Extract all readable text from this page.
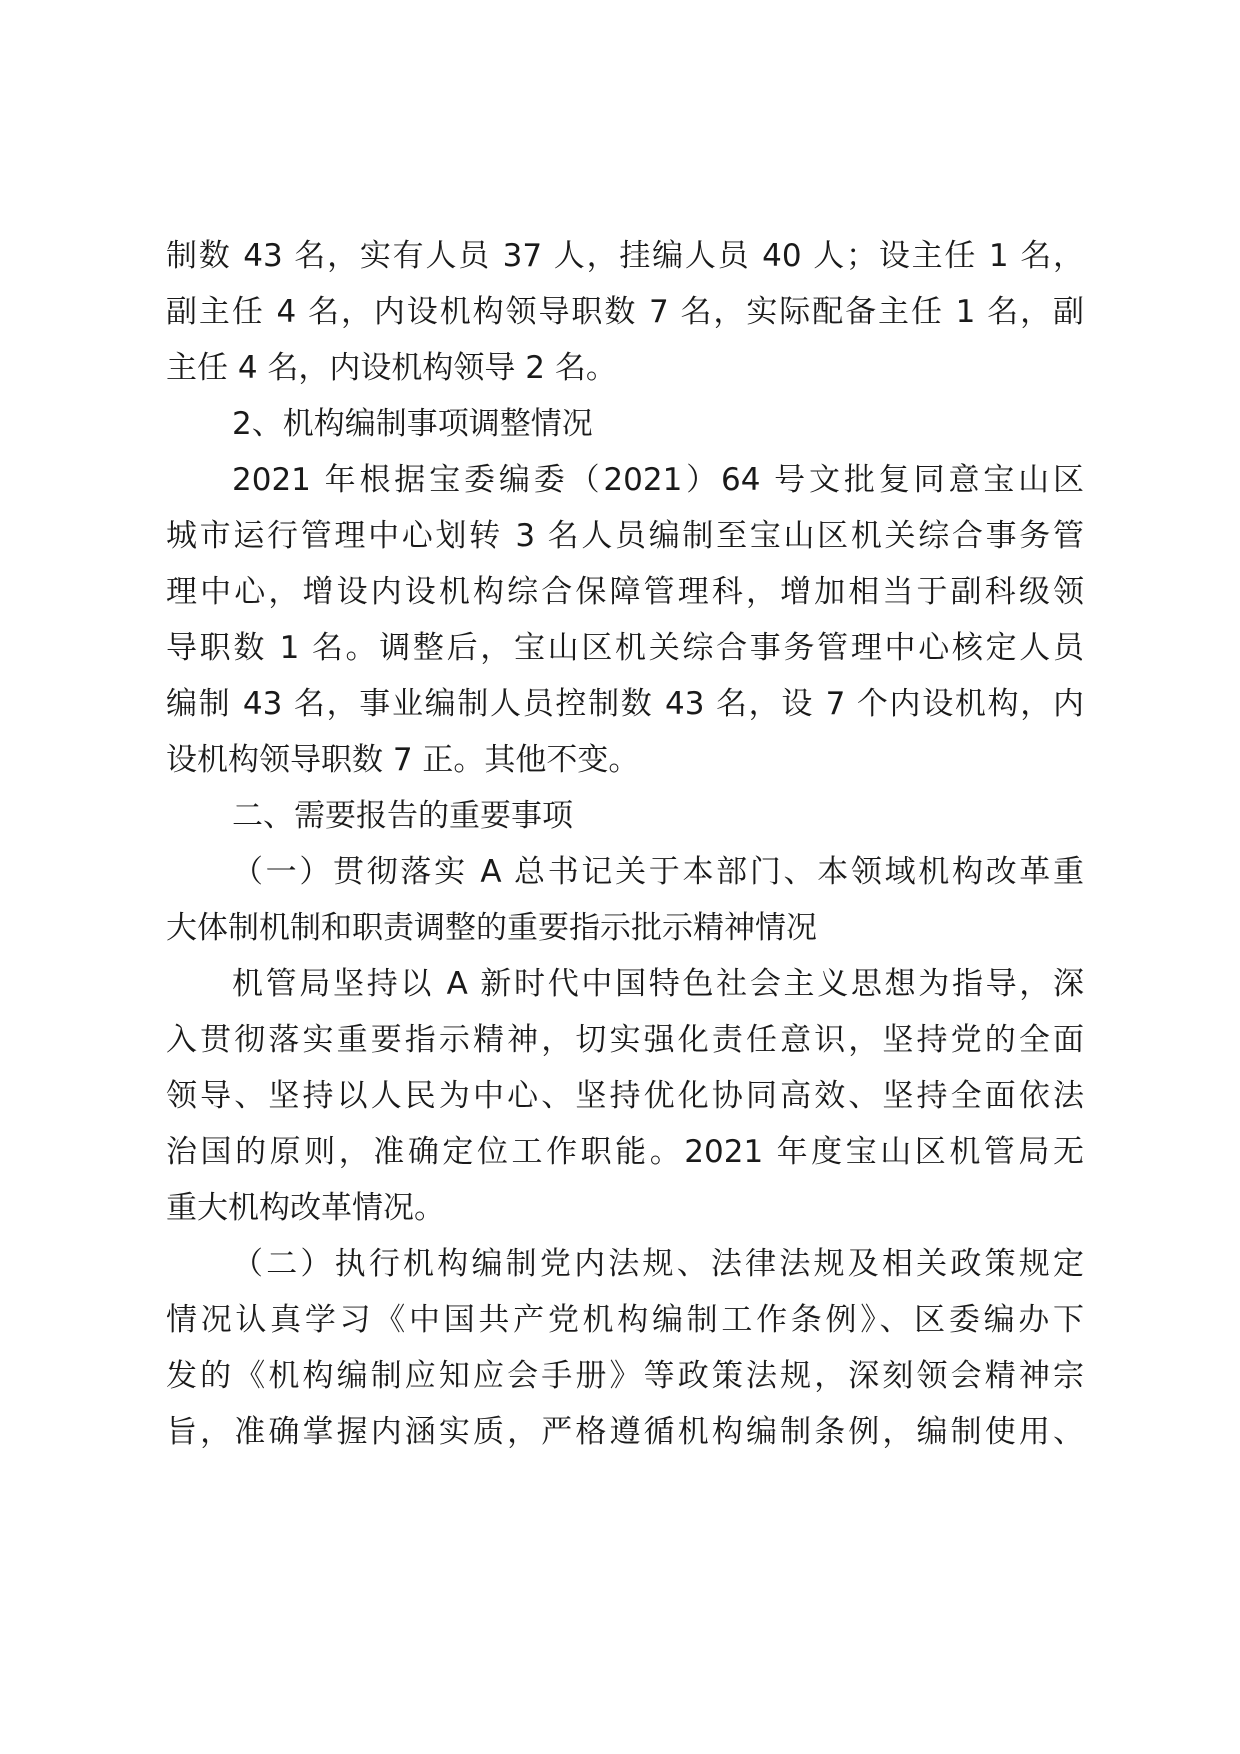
制数 43 名，实有人员 37 人，挂编人员 40 人；设主任 1 名，
副主任 4 名，内设机构领导职数 7 名，实际配备主任 1 名，副
主任 4 名，内设机构领导 2 名。
2、机构编制事项调整情况
2021 年根据宝委编委（2021）64 号文批复同意宝山区
城市运行管理中心划转 3 名人员编制至宝山区机关综合事务管
理中心，增设内设机构综合保障管理科，增加相当于副科级领
导职数 1 名。调整后，宝山区机关综合事务管理中心核定人员
编制 43 名，事业编制人员控制数 43 名，设 7 个内设机构，内
设机构领导职数 7 正。其他不变。
二、需要报告的重要事项
（一）贯彻落实 A 总书记关于本部门、本领域机构改革重
大体制机制和职责调整的重要指示批示精神情况
机管局坚持以 A 新时代中国特色社会主义思想为指导，深
入贯彻落实重要指示精神，切实强化责任意识，坚持党的全面
领导、坚持以人民为中心、坚持优化协同高效、坚持全面依法
治国的原则，准确定位工作职能。2021 年度宝山区机管局无
重大机构改革情况。
（二）执行机构编制党内法规、法律法规及相关政策规定
情况认真学习《中国共产党机构编制工作条例》、区委编办下
发的《机构编制应知应会手册》等政策法规，深刻领会精神宗
旨，准确掌握内涵实质，严格遵循机构编制条例，编制使用、
